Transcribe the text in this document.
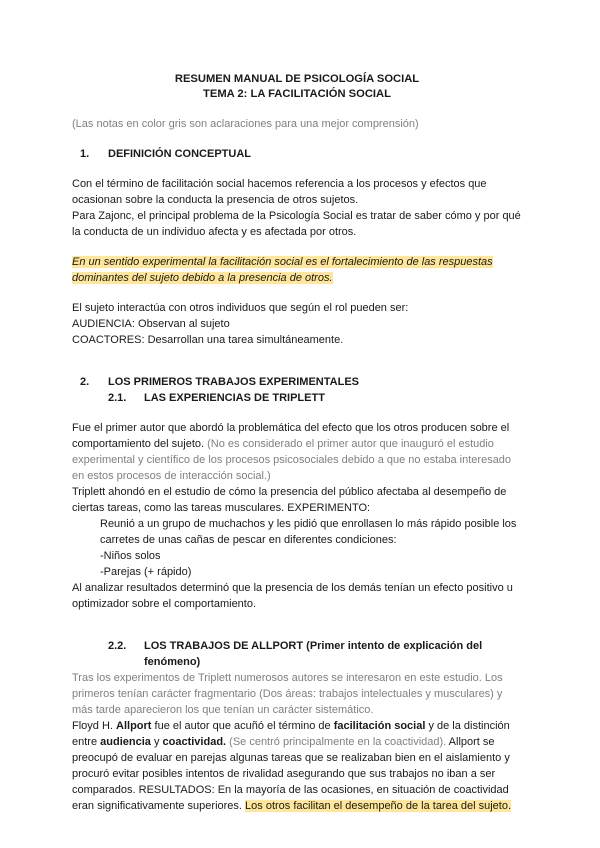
RESUMEN MANUAL DE PSICOLOGÍA SOCIAL
TEMA 2: LA FACILITACIÓN SOCIAL

(Las notas en color gris son aclaraciones para una mejor comprensión)

1. DEFINICIÓN CONCEPTUAL

Con el término de facilitación social hacemos referencia a los procesos y efectos que ocasionan sobre la conducta la presencia de otros sujetos.

Para Zajonc, el principal problema de la Psicología Social es tratar de saber cómo y por qué la conducta de un individuo afecta y es afectada por otros.

En un sentido experimental la facilitación social es el fortalecimiento de las respuestas dominantes del sujeto debido a la presencia de otros.

El sujeto interactúa con otros individuos que según el rol pueden ser:

AUDIENCIA: Observan al sujeto

COACTORES: Desarrollan una tarea simultáneamente.

2. LOS PRIMEROS TRABAJOS EXPERIMENTALES
2.1. LAS EXPERIENCIAS DE TRIPLETT

Fue el primer autor que abordó la problemática del efecto que los otros producen sobre el comportamiento del sujeto. (No es considerado el primer autor que inauguró el estudio experimental y científico de los procesos psicosociales debido a que no estaba interesado en estos procesos de interacción social.)

Triplett ahondó en el estudio de cómo la presencia del público afectaba al desempeño de ciertas tareas, como las tareas musculares. EXPERIMENTO:

Reunió a un grupo de muchachos y les pidió que enrollasen lo más rápido posible los carretes de unas cañas de pescar en diferentes condiciones:

-Niños solos

-Parejas (+ rápido)

Al analizar resultados determinó que la presencia de los demás tenían un efecto positivo u optimizador sobre el comportamiento.

2.2.	LOS TRABAJOS DE ALLPORT (Primer intento de explicación del fenómeno)

Tras los experimentos de Triplett numerosos autores se interesaron en este estudio. Los primeros tenían carácter fragmentario (Dos áreas: trabajos intelectuales y musculares) y más tarde aparecieron los que tenían un carácter sistemático.

Floyd H. Allport fue el autor que acuñó el término de facilitación social y de la distinción entre audiencia y coactividad. (Se centró principalmente en la coactividad). Allport se preocupó de evaluar en parejas algunas tareas que se realizaban bien en el aislamiento y procuró evitar posibles intentos de rivalidad asegurando que sus trabajos no iban a ser comparados. RESULTADOS: En la mayoría de las ocasiones, en situación de coactividad eran significativamente superiores. Los otros facilitan el desempeño de la tarea del sujeto.
